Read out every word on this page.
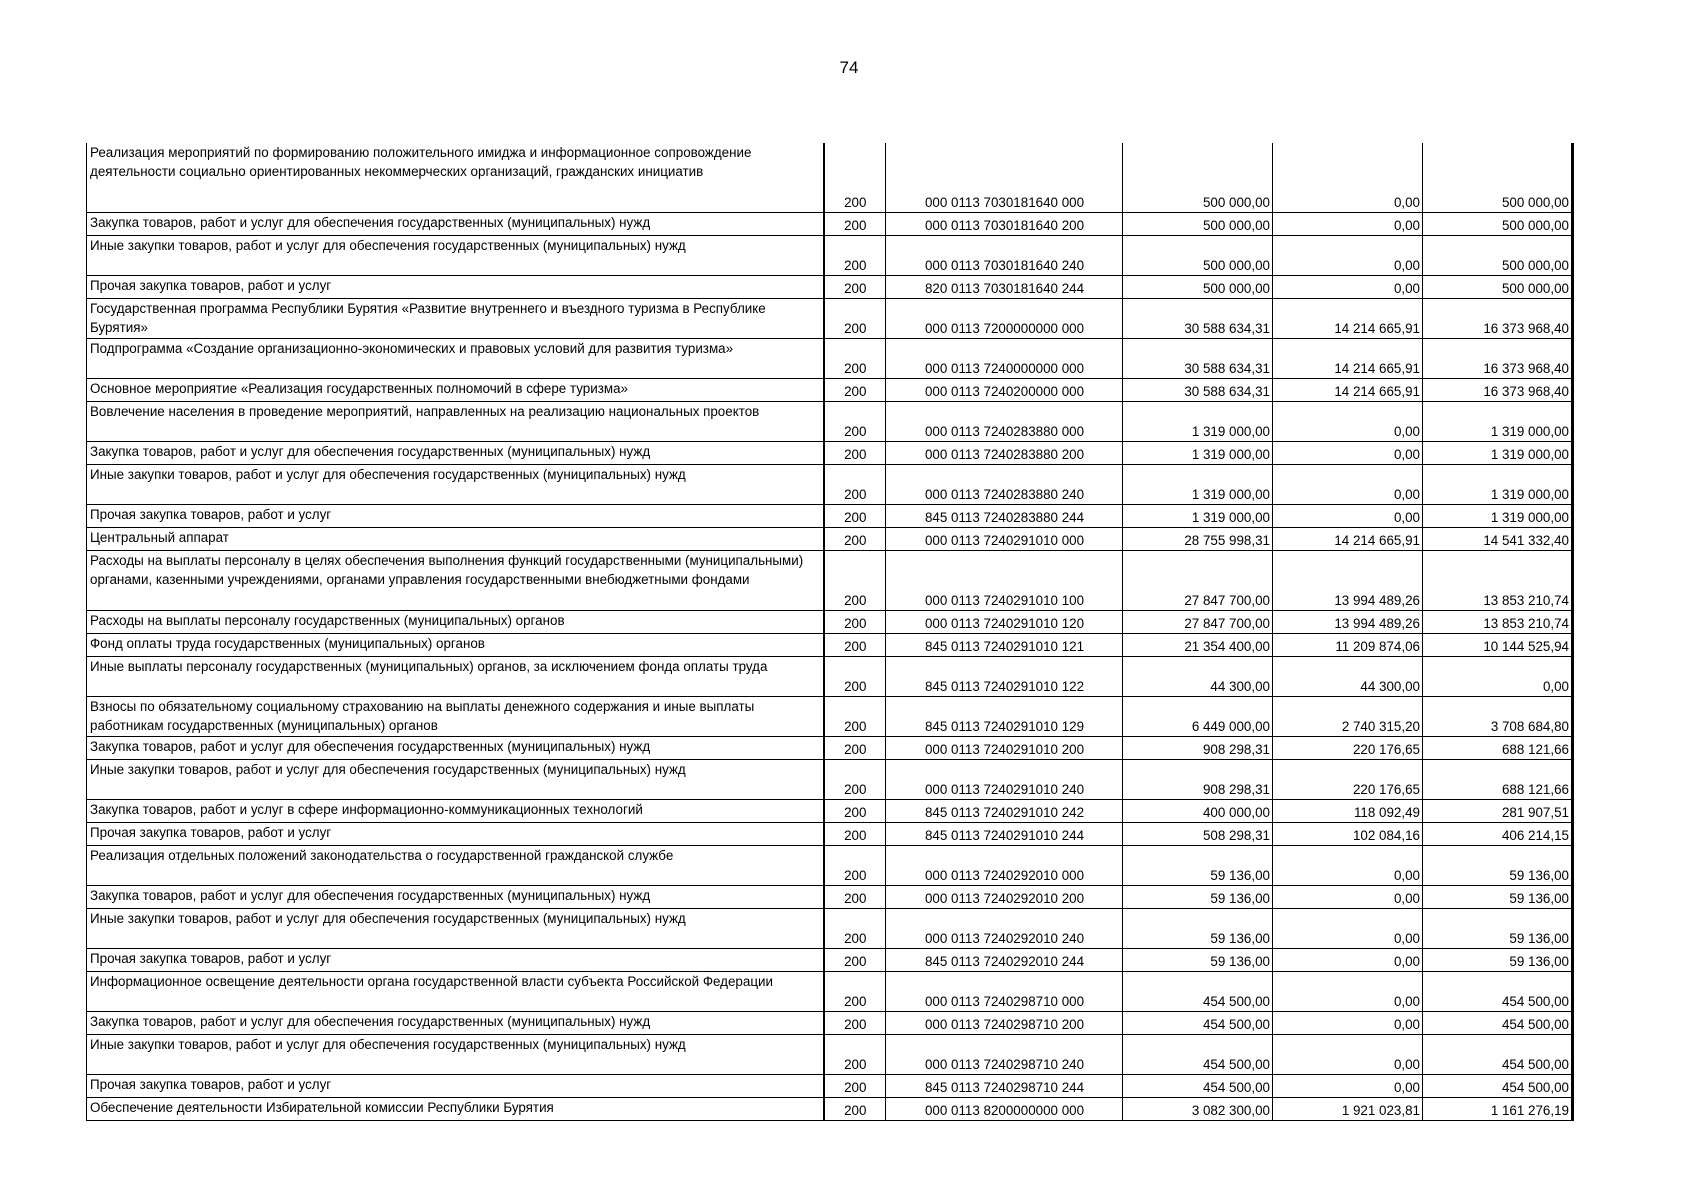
74
Реализация мероприятий по формированию положительного имиджа и информационное сопровождение деятельности социально ориентированных некоммерческих организаций, гражданских инициатив	200	000 0113 7030181640 000	500 000,00	0,00	500 000,00
Закупка товаров, работ и услуг для обеспечения государственных (муниципальных) нужд	200	000 0113 7030181640 200	500 000,00	0,00	500 000,00
Иные закупки товаров, работ и услуг для обеспечения государственных (муниципальных) нужд	200	000 0113 7030181640 240	500 000,00	0,00	500 000,00
Прочая закупка товаров, работ и услуг	200	820 0113 7030181640 244	500 000,00	0,00	500 000,00
Государственная программа Республики Бурятия «Развитие внутреннего и въездного туризма в Республике Бурятия»	200	000 0113 7200000000 000	30 588 634,31	14 214 665,91	16 373 968,40
Подпрограмма «Создание организационно-экономических и правовых условий для развития туризма»	200	000 0113 7240000000 000	30 588 634,31	14 214 665,91	16 373 968,40
Основное мероприятие «Реализация государственных полномочий в сфере туризма»	200	000 0113 7240200000 000	30 588 634,31	14 214 665,91	16 373 968,40
Вовлечение населения в проведение мероприятий, направленных на реализацию национальных проектов	200	000 0113 7240283880 000	1 319 000,00	0,00	1 319 000,00
Закупка товаров, работ и услуг для обеспечения государственных (муниципальных) нужд	200	000 0113 7240283880 200	1 319 000,00	0,00	1 319 000,00
Иные закупки товаров, работ и услуг для обеспечения государственных (муниципальных) нужд	200	000 0113 7240283880 240	1 319 000,00	0,00	1 319 000,00
Прочая закупка товаров, работ и услуг	200	845 0113 7240283880 244	1 319 000,00	0,00	1 319 000,00
Центральный аппарат	200	000 0113 7240291010 000	28 755 998,31	14 214 665,91	14 541 332,40
Расходы на выплаты персоналу в целях обеспечения выполнения функций государственными (муниципальными) органами, казенными учреждениями, органами управления государственными внебюджетными фондами	200	000 0113 7240291010 100	27 847 700,00	13 994 489,26	13 853 210,74
Расходы на выплаты персоналу государственных (муниципальных) органов	200	000 0113 7240291010 120	27 847 700,00	13 994 489,26	13 853 210,74
Фонд оплаты труда государственных (муниципальных) органов	200	845 0113 7240291010 121	21 354 400,00	11 209 874,06	10 144 525,94
Иные выплаты персоналу государственных (муниципальных) органов, за исключением фонда оплаты труда	200	845 0113 7240291010 122	44 300,00	44 300,00	0,00
Взносы по обязательному социальному страхованию на выплаты денежного содержания и иные выплаты работникам государственных (муниципальных) органов	200	845 0113 7240291010 129	6 449 000,00	2 740 315,20	3 708 684,80
Закупка товаров, работ и услуг для обеспечения государственных (муниципальных) нужд	200	000 0113 7240291010 200	908 298,31	220 176,65	688 121,66
Иные закупки товаров, работ и услуг для обеспечения государственных (муниципальных) нужд	200	000 0113 7240291010 240	908 298,31	220 176,65	688 121,66
Закупка товаров, работ и услуг в сфере информационно-коммуникационных технологий	200	845 0113 7240291010 242	400 000,00	118 092,49	281 907,51
Прочая закупка товаров, работ и услуг	200	845 0113 7240291010 244	508 298,31	102 084,16	406 214,15
Реализация отдельных положений законодательства о государственной гражданской службе	200	000 0113 7240292010 000	59 136,00	0,00	59 136,00
Закупка товаров, работ и услуг для обеспечения государственных (муниципальных) нужд	200	000 0113 7240292010 200	59 136,00	0,00	59 136,00
Иные закупки товаров, работ и услуг для обеспечения государственных (муниципальных) нужд	200	000 0113 7240292010 240	59 136,00	0,00	59 136,00
Прочая закупка товаров, работ и услуг	200	845 0113 7240292010 244	59 136,00	0,00	59 136,00
Информационное освещение деятельности органа государственной власти субъекта Российской Федерации	200	000 0113 7240298710 000	454 500,00	0,00	454 500,00
Закупка товаров, работ и услуг для обеспечения государственных (муниципальных) нужд	200	000 0113 7240298710 200	454 500,00	0,00	454 500,00
Иные закупки товаров, работ и услуг для обеспечения государственных (муниципальных) нужд	200	000 0113 7240298710 240	454 500,00	0,00	454 500,00
Прочая закупка товаров, работ и услуг	200	845 0113 7240298710 244	454 500,00	0,00	454 500,00
Обеспечение деятельности Избирательной комиссии Республики Бурятия	200	000 0113 8200000000 000	3 082 300,00	1 921 023,81	1 161 276,19
